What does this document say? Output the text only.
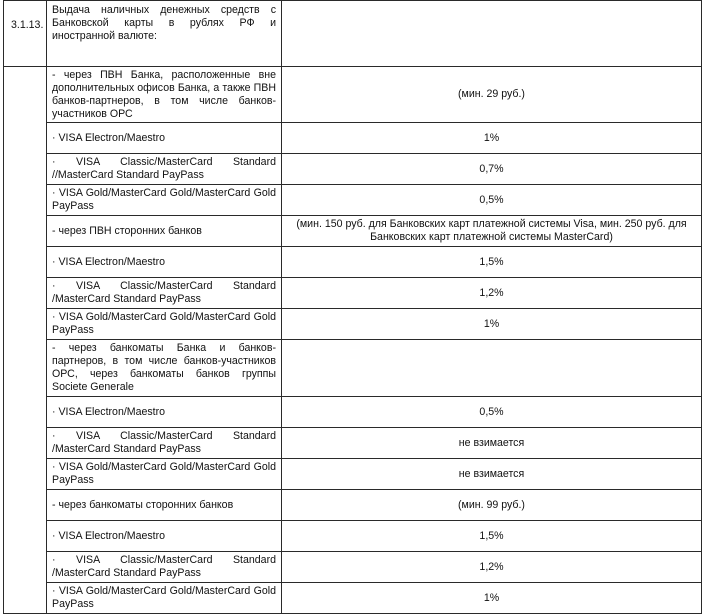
3.1.13.	Выдача наличных денежных средств с Банковской карты в рублях РФ и иностранной валюте:	
	- через ПВН Банка, расположенные вне дополнительных офисов Банка, а также ПВН банков-партнеров, в том числе банков-участников ОРС	(мин. 29 руб.)
	· VISA Electron/Maestro	1%
	· VISA Classic/MasterCard Standard //MasterCard Standard PayPass	0,7%
	· VISA Gold/MasterCard Gold/MasterCard Gold PayPass	0,5%
	- через ПВН сторонних банков	(мин. 150 руб. для Банковских карт платежной системы Visa, мин. 250 руб. для Банковских карт платежной системы MasterCard)
	· VISA Electron/Maestro	1,5%
	· VISA Classic/MasterCard Standard /MasterCard Standard PayPass	1,2%
	· VISA Gold/MasterCard Gold/MasterCard Gold PayPass	1%
	- через банкоматы Банка и банков-партнеров, в том числе банков-участников ОРС, через банкоматы банков группы Societe Generale	
	· VISA Electron/Maestro	0,5%
	· VISA Classic/MasterCard Standard /MasterCard Standard PayPass	не взимается
	· VISA Gold/MasterCard Gold/MasterCard Gold PayPass	не взимается
	- через банкоматы сторонних банков	(мин. 99 руб.)
	· VISA Electron/Maestro	1,5%
	· VISA Classic/MasterCard Standard /MasterCard Standard PayPass	1,2%
	· VISA Gold/MasterCard Gold/MasterCard Gold PayPass	1%
